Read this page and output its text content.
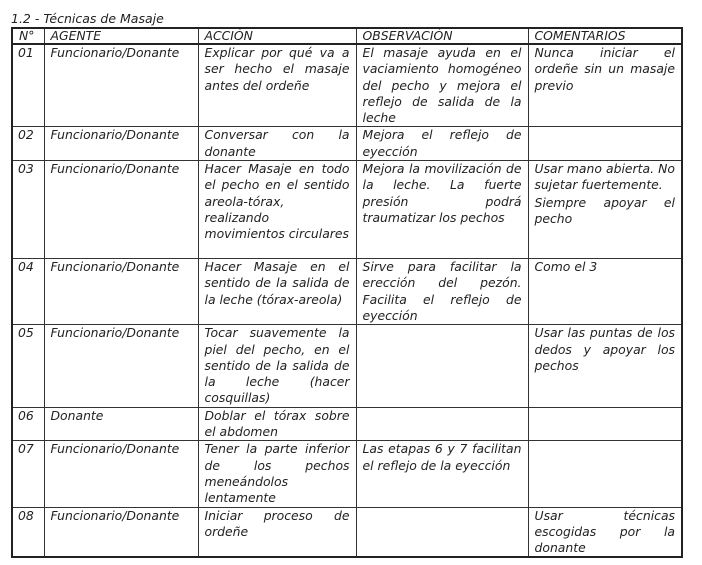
1.2 - Técnicas de Masaje
N°	AGENTE	ACCIÓN	OBSERVACIÓN	COMENTARIOS
01	Funcionario/Donante	Explicar por qué va a ser hecho el masaje antes del ordeñe	El masaje ayuda en el vaciamiento homogéneo del pecho y mejora el reflejo de salida de la leche	Nunca iniciar el ordeñe sin un masaje previo

02	Funcionario/Donante	Conversar con la donante	Mejora el reflejo de eyección	

03	Funcionario/Donante	Hacer Masaje en todo el pecho en el sentido areola-tórax, realizando movimientos circulares	Mejora la movilización de la leche. La fuerte presión podrá traumatizar los pechos	Usar mano abierta. No sujetar fuertemente.
Siempre apoyar el pecho

04	Funcionario/Donante	Hacer Masaje en el sentido de la salida de la leche (tórax-areola)	Sirve para facilitar la erección del pezón. Facilita el reflejo de eyección	Como el 3

05	Funcionario/Donante	Tocar suavemente la piel del pecho, en el sentido de la salida de la leche (hacer cosquillas)		Usar las puntas de los dedos y apoyar los pechos

06	Donante	Doblar el tórax sobre el abdomen		

07	Funcionario/Donante	Tener la parte inferior de los pechos meneándolos lentamente	Las etapas 6 y 7 facilitan el reflejo de la eyección	

08	Funcionario/Donante	Iniciar proceso de ordeñe		Usar técnicas escogidas por la donante
